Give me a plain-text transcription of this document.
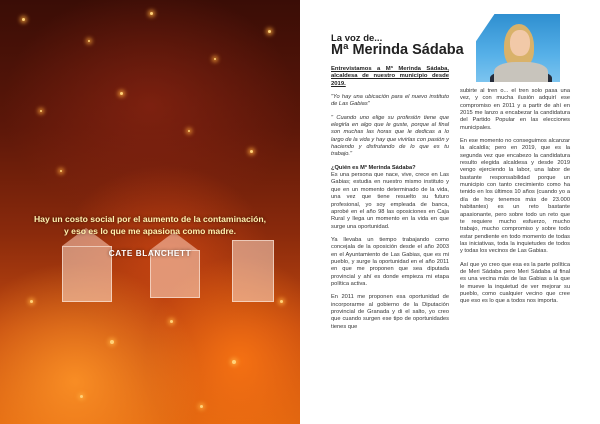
Hay un costo social por el aumento de la contaminación,
y eso es lo que me apasiona como madre.
CATE BLANCHETT
La voz de...
Mª Merinda Sádaba

Entrevistamos a Mª Merinda Sádaba, alcaldesa de nuestro municipio desde 2019.

"Yo hay una ubicación para el nuevo instituto de Las Gabias"

" Cuando uno elige su profesión tiene que elegirla en algo que le guste, porque al final son muchas las horas que le dedicas a lo largo de la vida y hay que vivirlas con pasión y haciendo y disfrutando de lo que es tu trabajo."

¿Quién es Mª Merinda Sádaba?

Es una persona que nace, vive, crece en Las Gabias; estudia en nuestro mismo instituto y que en un momento determinado de la vida, una vez que tiene resuelto su futuro profesional, yo soy empleada de banca, aprobé en el año 98 las oposiciones en Caja Rural y llega un momento en la vida en que surge una oportunidad.

Ya llevaba un tiempo trabajando como concejala de la oposición desde el año 2003 en el Ayuntamiento de Las Gabias, que es mi pueblo, y surge la oportunidad en el año 2011 en que me proponen que sea diputada provincial y ahí es donde empieza mi etapa política activa.

En 2011 me proponen esa oportunidad de incorporarme al gobierno de la Diputación provincial de Granada y di el salto, yo creo que cuando surgen ese tipo de oportunidades tienes que

subirte al tren o... el tren solo pasa una vez, y con mucha ilusión adquirí ese compromiso en 2011 y a partir de ahí en 2015 me lanzo a encabezar la candidatura del Partido Popular en las elecciones municipales.

En ese momento no conseguimos alcanzar la alcaldía; pero en 2019, que es la segunda vez que encabezo la candidatura resulto elegida alcaldesa y desde 2019 vengo ejerciendo la labor, una labor de bastante responsabilidad porque un municipio con tanto crecimiento como ha tenido en los últimos 10 años (cuando yo a día de hoy tenemos más de 23.000 habitantes) es un reto bastante apasionante, pero sobre todo un reto que te requiere mucho esfuerzo, mucho trabajo, mucho compromiso y sobre todo estar pendiente en todo momento de todas las iniciativas, toda la inquietudes de todos y todas los vecinos de Las Gabias.

Así que yo creo que esa es la parte política de Meri Sádaba pero Meri Sádaba al final es una vecina más de las Gabias a la que le mueve la inquietud de ver mejorar su pueblo, como cualquier vecino que cree que eso es lo que a todos nos importa.
